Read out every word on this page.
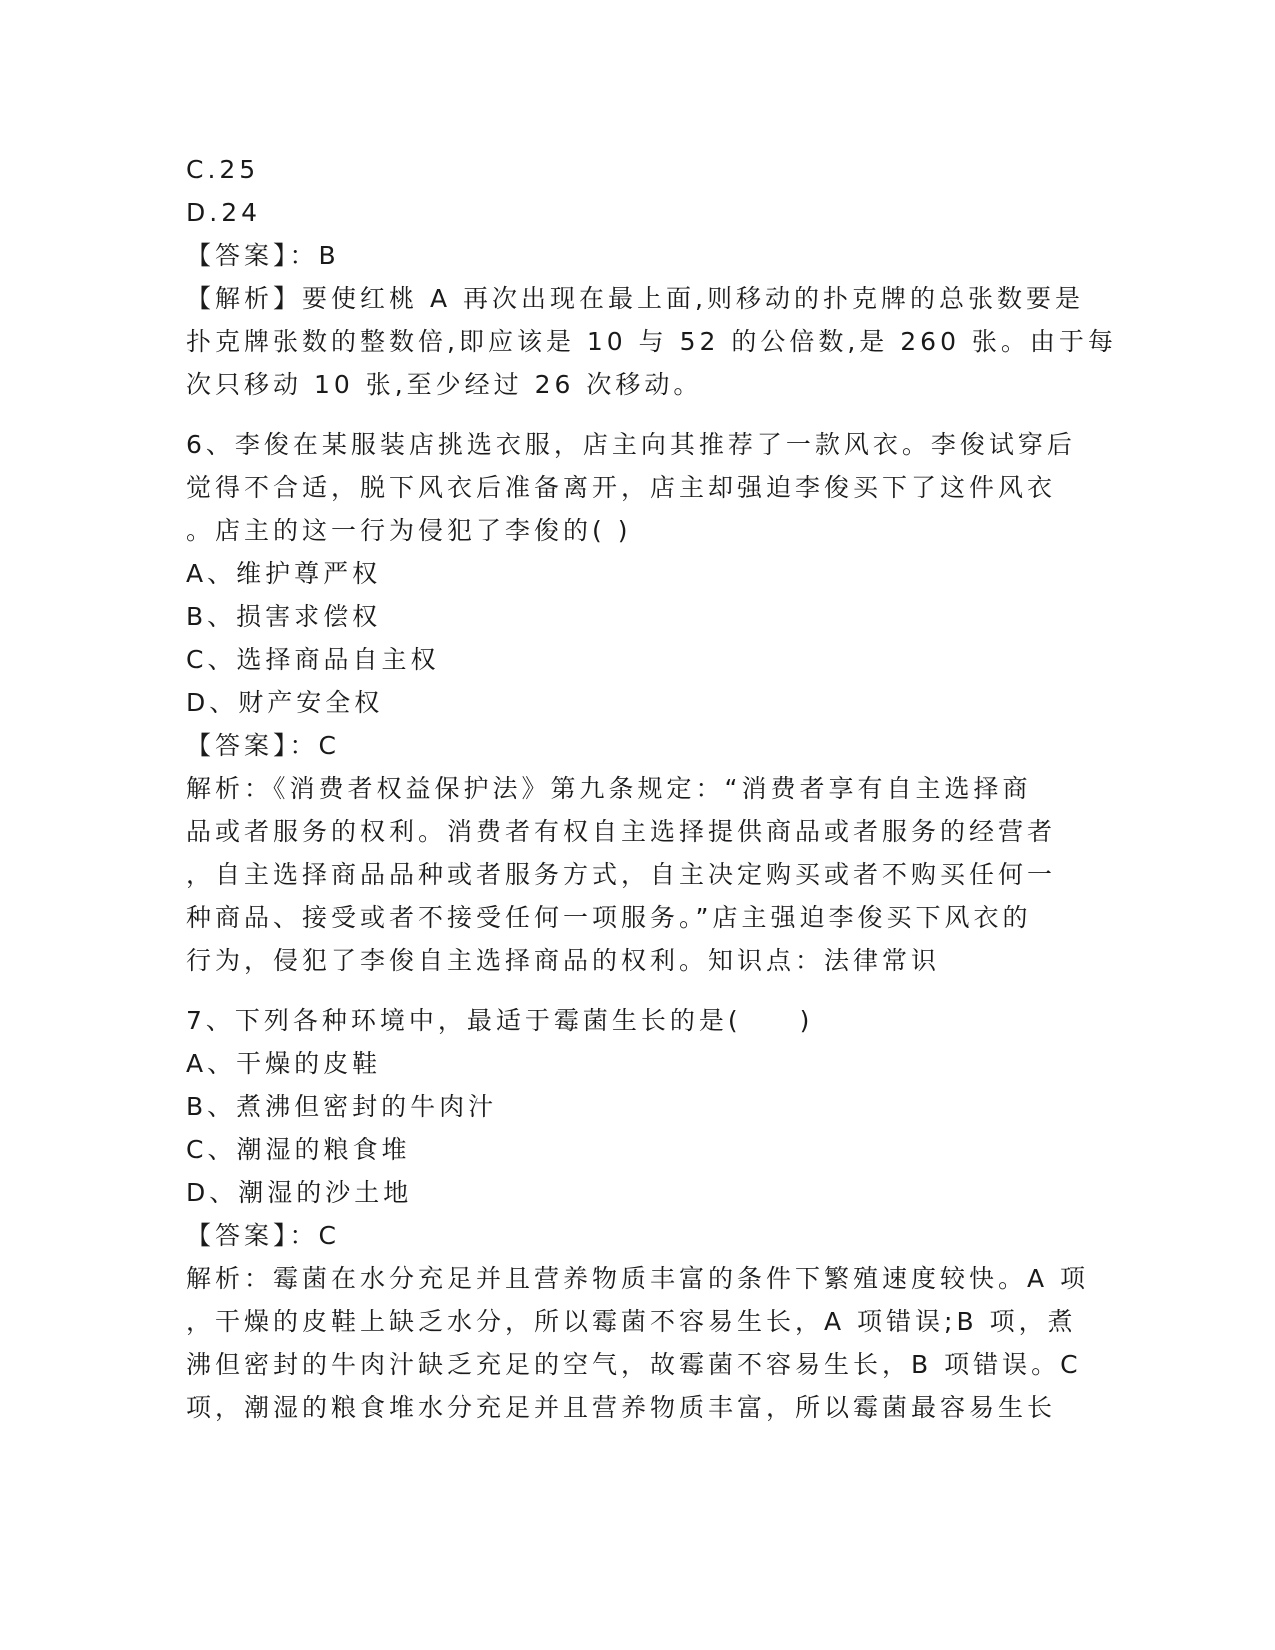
C.25
D.24
【答案】：B
【解析】要使红桃 A 再次出现在最上面,则移动的扑克牌的总张数要是
扑克牌张数的整数倍,即应该是 10 与 52 的公倍数,是 260 张。由于每
次只移动 10 张,至少经过 26 次移动。
6、李俊在某服装店挑选衣服，店主向其推荐了一款风衣。李俊试穿后
觉得不合适，脱下风衣后准备离开，店主却强迫李俊买下了这件风衣
。店主的这一行为侵犯了李俊的( )
A、维护尊严权
B、损害求偿权
C、选择商品自主权
D、财产安全权
【答案】：C
解析：《消费者权益保护法》第九条规定：“消费者享有自主选择商
品或者服务的权利。消费者有权自主选择提供商品或者服务的经营者
，自主选择商品品种或者服务方式，自主决定购买或者不购买任何一
种商品、接受或者不接受任何一项服务。”店主强迫李俊买下风衣的
行为，侵犯了李俊自主选择商品的权利。知识点：法律常识
7、下列各种环境中，最适于霉菌生长的是(　　)
A、干燥的皮鞋
B、煮沸但密封的牛肉汁
C、潮湿的粮食堆
D、潮湿的沙土地
【答案】：C
解析：霉菌在水分充足并且营养物质丰富的条件下繁殖速度较快。A 项
，干燥的皮鞋上缺乏水分，所以霉菌不容易生长，A 项错误;B 项，煮
沸但密封的牛肉汁缺乏充足的空气，故霉菌不容易生长，B 项错误。C
项，潮湿的粮食堆水分充足并且营养物质丰富，所以霉菌最容易生长
